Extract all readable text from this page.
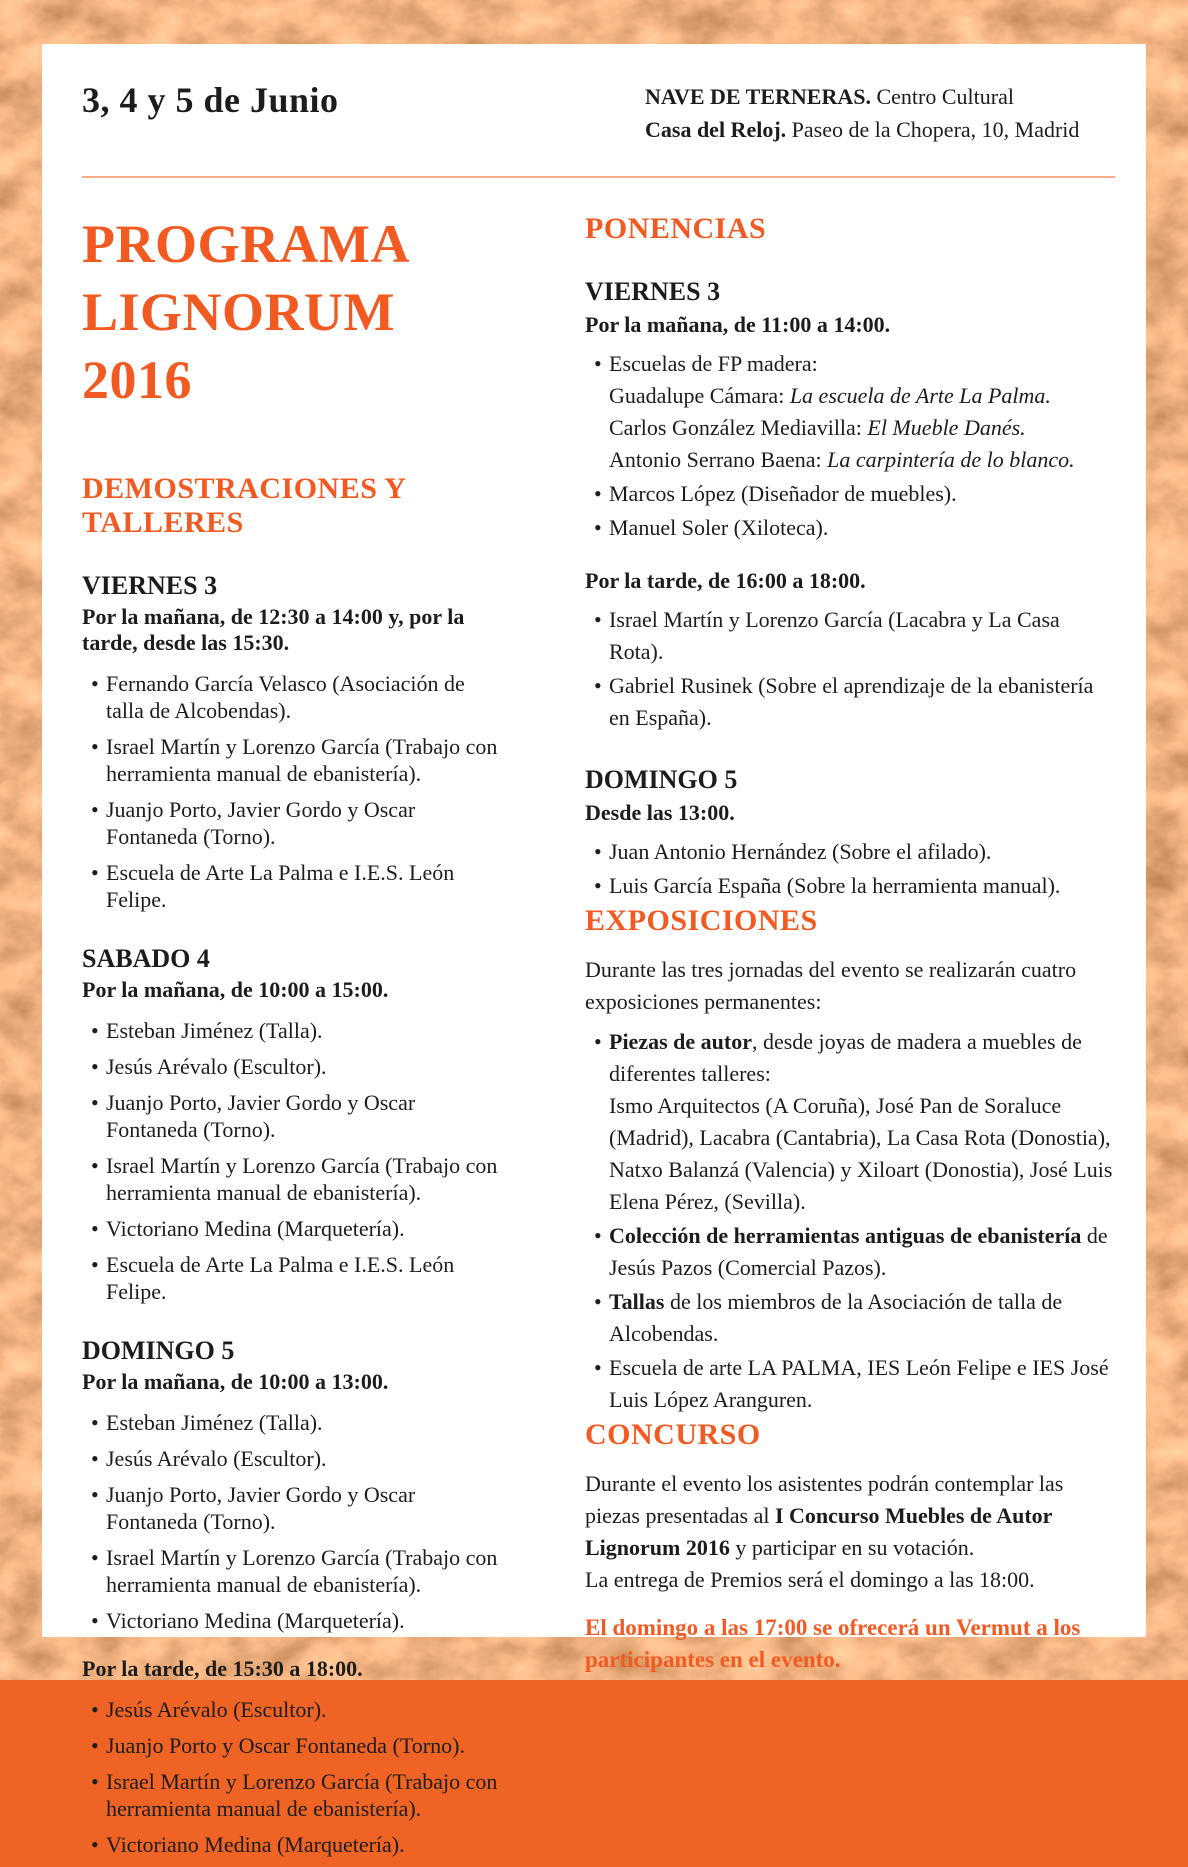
3, 4 y 5 de Junio	NAVE DE TERNERAS. Centro Cultural
Casa del Reloj. Paseo de la Chopera, 10, Madrid
PROGRAMA
LIGNORUM 2016
DEMOSTRACIONES Y TALLERES
VIERNES 3

Por la mañana, de 12:30 a 14:00 y, por la tarde, desde las 15:30.

• Fernando García Velasco (Asociación de talla de Alcobendas).
• Israel Martín y Lorenzo García (Trabajo con herramienta manual de ebanistería).
• Juanjo Porto, Javier Gordo y Oscar Fontaneda (Torno).
• Escuela de Arte La Palma e I.E.S. León Felipe.
SABADO 4

Por la mañana, de 10:00 a 15:00.

• Esteban Jiménez (Talla).
• Jesús Arévalo (Escultor).
• Juanjo Porto, Javier Gordo y Oscar Fontaneda (Torno).
• Israel Martín y Lorenzo García (Trabajo con herramienta manual de ebanistería).
• Victoriano Medina (Marquetería).
• Escuela de Arte La Palma e I.E.S. León Felipe.
DOMINGO 5

Por la mañana, de 10:00 a 13:00.

• Esteban Jiménez (Talla).
• Jesús Arévalo (Escultor).
• Juanjo Porto, Javier Gordo y Oscar Fontaneda (Torno).
• Israel Martín y Lorenzo García (Trabajo con herramienta manual de ebanistería).
• Victoriano Medina (Marquetería).

Por la tarde, de 15:30 a 18:00.

• Jesús Arévalo (Escultor).
• Juanjo Porto y Oscar Fontaneda (Torno).
• Israel Martín y Lorenzo García (Trabajo con herramienta manual de ebanistería).
• Victoriano Medina (Marquetería).
PONENCIAS
VIERNES 3

Por la mañana, de 11:00 a 14:00.

• Escuelas de FP madera:
Guadalupe Cámara: La escuela de Arte La Palma.
Carlos González Mediavilla: El Mueble Danés.
Antonio Serrano Baena: La carpintería de lo blanco.
• Marcos López (Diseñador de muebles).
• Manuel Soler (Xiloteca).

Por la tarde, de 16:00 a 18:00.

• Israel Martín y Lorenzo García (Lacabra y La Casa Rota).
• Gabriel Rusinek (Sobre el aprendizaje de la ebanistería en España).
DOMINGO 5

Desde las 13:00.

• Juan Antonio Hernández (Sobre el afilado).
• Luis García España (Sobre la herramienta manual).
EXPOSICIONES

Durante las tres jornadas del evento se realizarán cuatro exposiciones permanentes:

• Piezas de autor, desde joyas de madera a muebles de diferentes talleres:
Ismo Arquitectos (A Coruña), José Pan de Soraluce (Madrid), Lacabra (Cantabria), La Casa Rota (Donostia), Natxo Balanzá (Valencia) y Xiloart (Donostia), José Luis Elena Pérez, (Sevilla).
• Colección de herramientas antiguas de ebanistería de Jesús Pazos (Comercial Pazos).
• Tallas de los miembros de la Asociación de talla de Alcobendas.
• Escuela de arte LA PALMA, IES León Felipe e IES José Luis López Aranguren.
CONCURSO

Durante el evento los asistentes podrán contemplar las piezas presentadas al I Concurso Muebles de Autor Lignorum 2016 y participar en su votación.
La entrega de Premios será el domingo a las 18:00.

El domingo a las 17:00 se ofrecerá un Vermut a los participantes en el evento.
